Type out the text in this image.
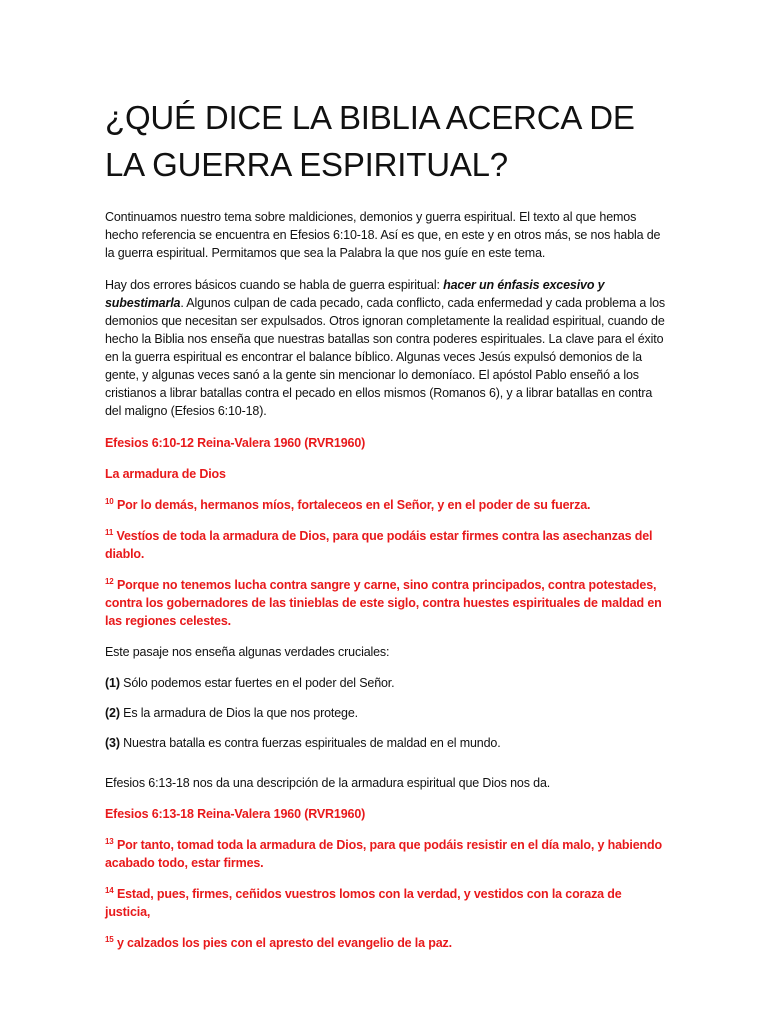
¿QUÉ DICE LA BIBLIA ACERCA DE LA GUERRA ESPIRITUAL?

Continuamos nuestro tema sobre maldiciones, demonios y guerra espiritual. El texto al que hemos hecho referencia se encuentra en Efesios 6:10-18. Así es que, en este y en otros más, se nos habla de la guerra espiritual. Permitamos que sea la Palabra la que nos guíe en este tema.

Hay dos errores básicos cuando se habla de guerra espiritual: hacer un énfasis excesivo y subestimarla. Algunos culpan de cada pecado, cada conflicto, cada enfermedad y cada problema a los demonios que necesitan ser expulsados. Otros ignoran completamente la realidad espiritual, cuando de hecho la Biblia nos enseña que nuestras batallas son contra poderes espirituales. La clave para el éxito en la guerra espiritual es encontrar el balance bíblico. Algunas veces Jesús expulsó demonios de la gente, y algunas veces sanó a la gente sin mencionar lo demoníaco. El apóstol Pablo enseñó a los cristianos a librar batallas contra el pecado en ellos mismos (Romanos 6), y a librar batallas en contra del maligno (Efesios 6:10-18).

Efesios 6:10-12 Reina-Valera 1960 (RVR1960)

La armadura de Dios

$^{10}$ Por lo demás, hermanos míos, fortaleceos en el Señor, y en el poder de su fuerza.

$^{11}$ Vestíos de toda la armadura de Dios, para que podáis estar firmes contra las asechanzas del diablo.

$^{12}$ Porque no tenemos lucha contra sangre y carne, sino contra principados, contra potestades, contra los gobernadores de las tinieblas de este siglo, contra huestes espirituales de maldad en las regiones celestes.

Este pasaje nos enseña algunas verdades cruciales:

(1) Sólo podemos estar fuertes en el poder del Señor.

(2) Es la armadura de Dios la que nos protege.

(3) Nuestra batalla es contra fuerzas espirituales de maldad en el mundo.

Efesios 6:13-18 nos da una descripción de la armadura espiritual que Dios nos da.

Efesios 6:13-18 Reina-Valera 1960 (RVR1960)

$^{13}$ Por tanto, tomad toda la armadura de Dios, para que podáis resistir en el día malo, y habiendo acabado todo, estar firmes.

$^{14}$ Estad, pues, firmes, ceñidos vuestros lomos con la verdad, y vestidos con la coraza de justicia,

$^{15}$ y calzados los pies con el apresto del evangelio de la paz.
